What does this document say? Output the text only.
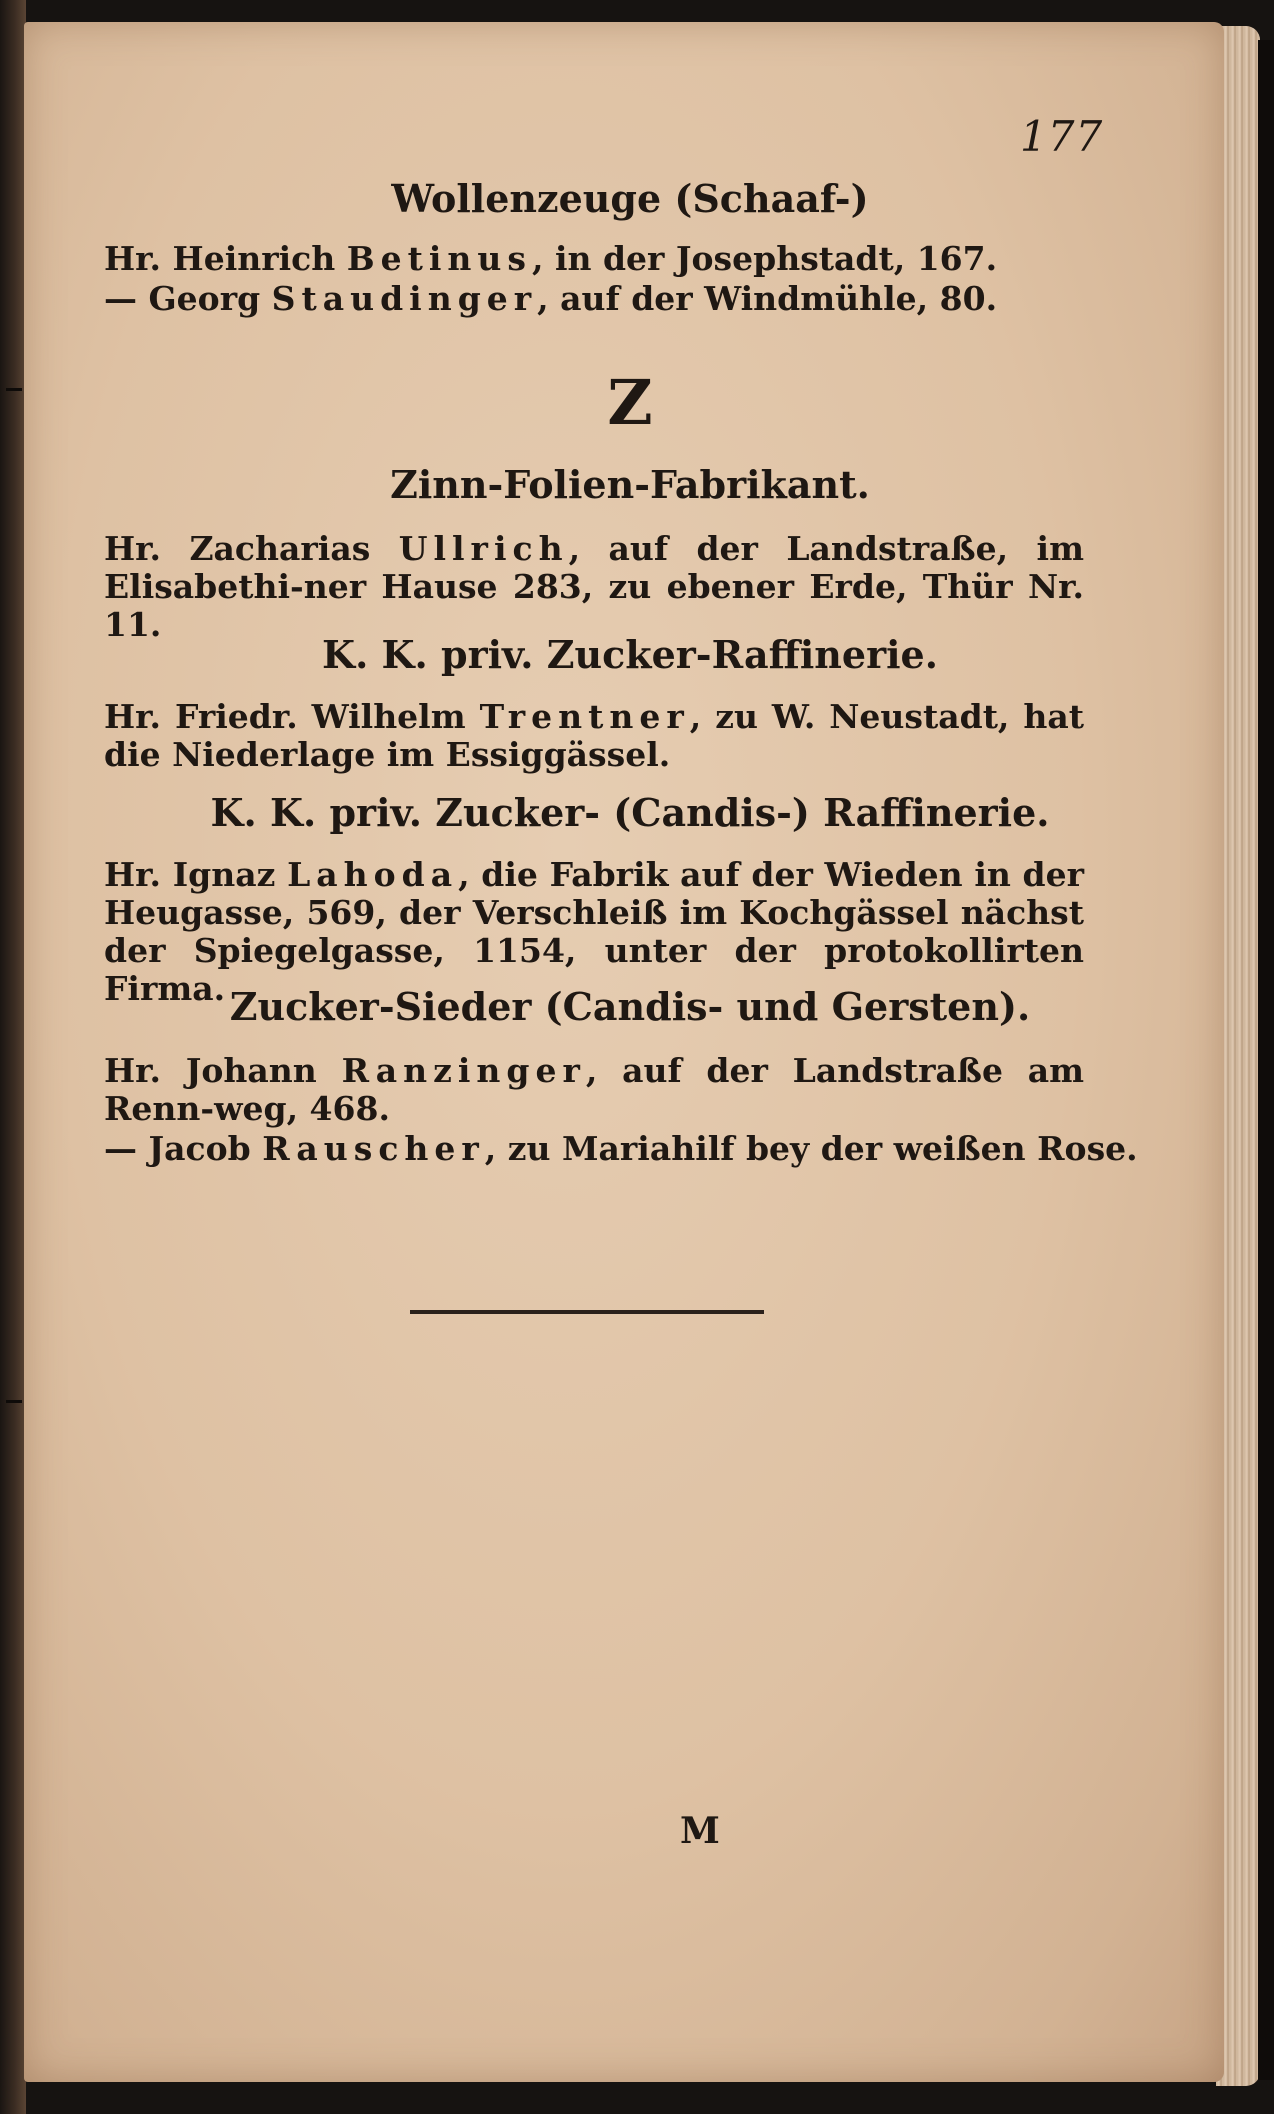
177
Wollenzeuge (Schaaf-)
Hr. Heinrich Betinus, in der Josephstadt, 167.
— Georg Staudinger, auf der Windmühle, 80.
Z
Zinn-Folien-Fabrikant.
Hr. Zacharias Ullrich, auf der Landstraße, im Elisabethi-ner Hause 283, zu ebener Erde, Thür Nr. 11.
K. K. priv. Zucker-Raffinerie.
Hr. Friedr. Wilhelm Trentner, zu W. Neustadt, hat die Niederlage im Essiggässel.
K. K. priv. Zucker- (Candis-) Raffinerie.
Hr. Ignaz Lahoda, die Fabrik auf der Wieden in der Heugasse, 569, der Verschleiß im Kochgässel nächst der Spiegelgasse, 1154, unter der protokollirten Firma. Zucker-Sieder (Candis- und Gersten).
Hr. Johann Ranzinger, auf der Landstraße am Renn-weg, 468.
— Jacob Rauscher, zu Mariahilf bey der weißen Rose.
M
